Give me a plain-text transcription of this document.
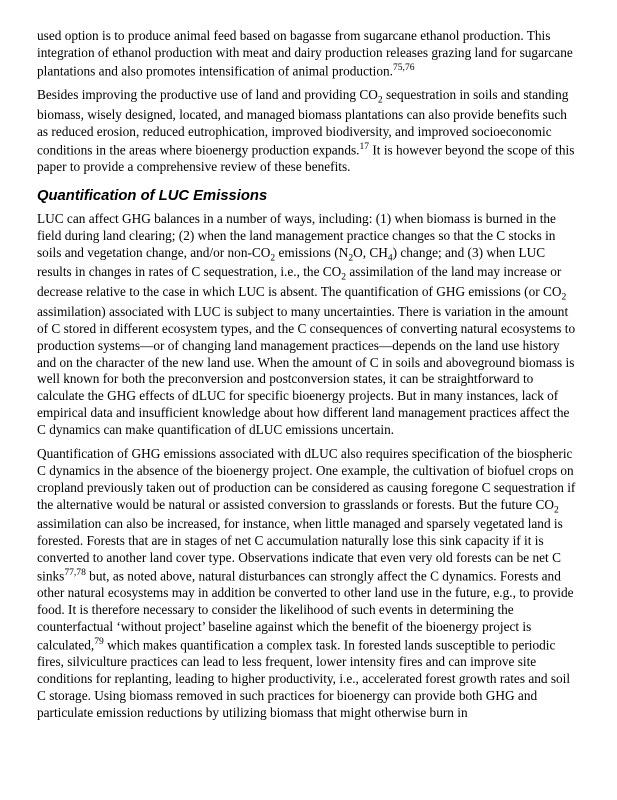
used option is to produce animal feed based on bagasse from sugarcane ethanol production. This integration of ethanol production with meat and dairy production releases grazing land for sugarcane plantations and also promotes intensification of animal production.$^{75,76}$

Besides improving the productive use of land and providing $CO_2$ sequestration in soils and standing biomass, wisely designed, located, and managed biomass plantations can also provide benefits such as reduced erosion, reduced eutrophication, improved biodiversity, and improved socioeconomic conditions in the areas where bioenergy production expands.$^{17}$ It is however beyond the scope of this paper to provide a comprehensive review of these benefits.

Quantification of LUC Emissions

LUC can affect GHG balances in a number of ways, including: (1) when biomass is burned in the field during land clearing; (2) when the land management practice changes so that the C stocks in soils and vegetation change, and/or non-$CO_2$ emissions ($N_2O$, $CH_4$) change; and (3) when LUC results in changes in rates of C sequestration, i.e., the $CO_2$ assimilation of the land may increase or decrease relative to the case in which LUC is absent. The quantification of GHG emissions (or $CO_2$ assimilation) associated with LUC is subject to many uncertainties. There is variation in the amount of C stored in different ecosystem types, and the C consequences of converting natural ecosystems to production systems—or of changing land management practices—depends on the land use history and on the character of the new land use. When the amount of C in soils and aboveground biomass is well known for both the preconversion and postconversion states, it can be straightforward to calculate the GHG effects of dLUC for specific bioenergy projects. But in many instances, lack of empirical data and insufficient knowledge about how different land management practices affect the C dynamics can make quantification of dLUC emissions uncertain.

Quantification of GHG emissions associated with dLUC also requires specification of the biospheric C dynamics in the absence of the bioenergy project. One example, the cultivation of biofuel crops on cropland previously taken out of production can be considered as causing foregone C sequestration if the alternative would be natural or assisted conversion to grasslands or forests. But the future $CO_2$ assimilation can also be increased, for instance, when little managed and sparsely vegetated land is forested. Forests that are in stages of net C accumulation naturally lose this sink capacity if it is converted to another land cover type. Observations indicate that even very old forests can be net C sinks$^{77,78}$ but, as noted above, natural disturbances can strongly affect the C dynamics. Forests and other natural ecosystems may in addition be converted to other land use in the future, e.g., to provide food. It is therefore necessary to consider the likelihood of such events in determining the counterfactual ‘without project’ baseline against which the benefit of the bioenergy project is calculated,$^{79}$ which makes quantification a complex task. In forested lands susceptible to periodic fires, silviculture practices can lead to less frequent, lower intensity fires and can improve site conditions for replanting, leading to higher productivity, i.e., accelerated forest growth rates and soil C storage. Using biomass removed in such practices for bioenergy can provide both GHG and particulate emission reductions by utilizing biomass that might otherwise burn in
